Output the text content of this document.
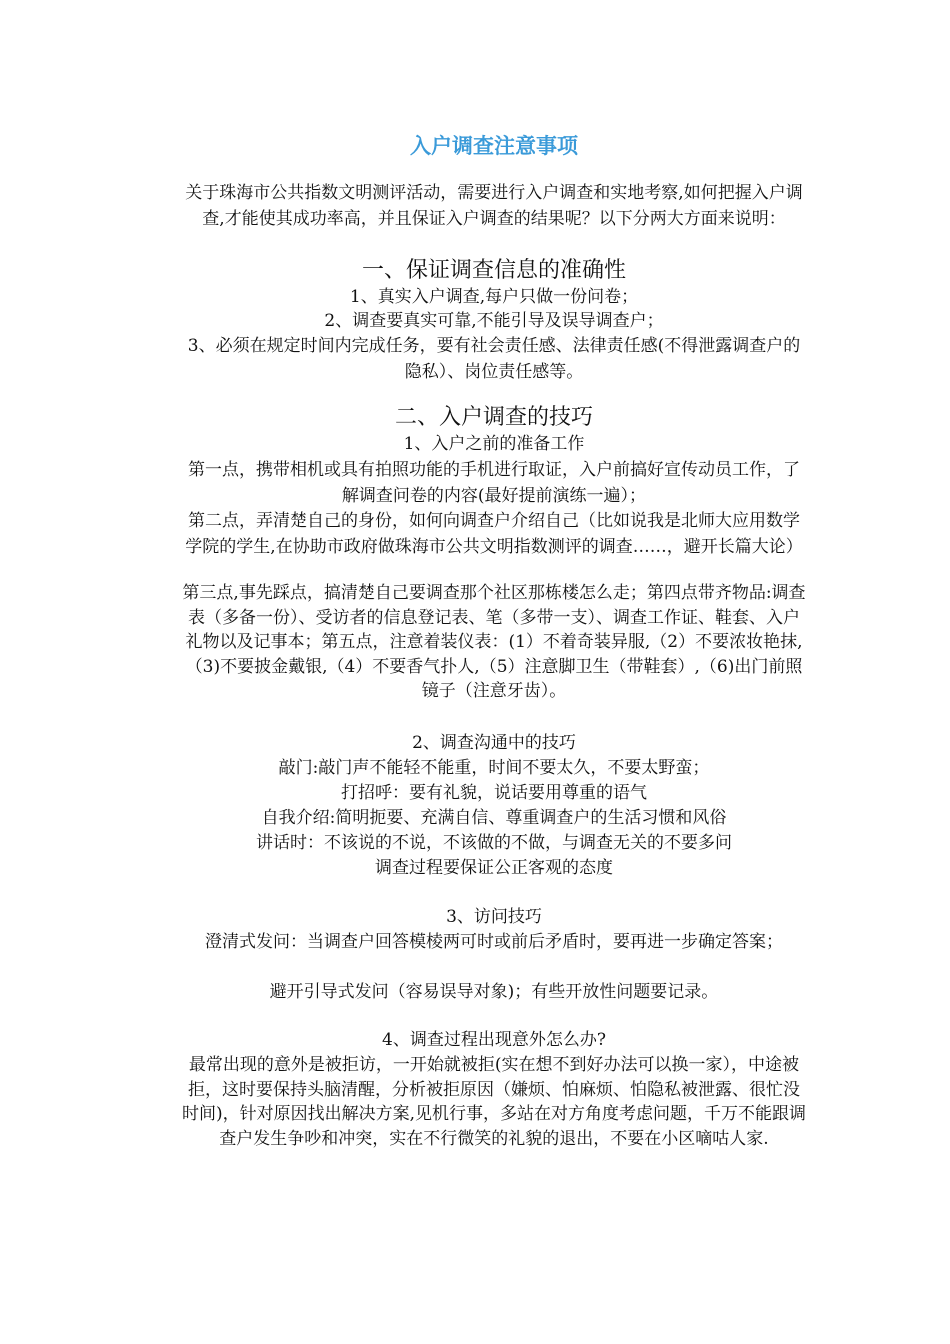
入户调查注意事项

关于珠海市公共指数文明测评活动，需要进行入户调查和实地考察,如何把握入户调查,才能使其成功率高，并且保证入户调查的结果呢？以下分两大方面来说明：

一、保证调查信息的准确性

1、真实入户调查,每户只做一份问卷；

2、调查要真实可靠,不能引导及误导调查户；

3、必须在规定时间内完成任务，要有社会责任感、法律责任感(不得泄露调查户的隐私）、岗位责任感等。

二、入户调查的技巧

1、入户之前的准备工作

第一点，携带相机或具有拍照功能的手机进行取证，入户前搞好宣传动员工作，了解调查问卷的内容(最好提前演练一遍）；

第二点，弄清楚自己的身份，如何向调查户介绍自己（比如说我是北师大应用数学学院的学生,在协助市政府做珠海市公共文明指数测评的调查……，避开长篇大论）

第三点,事先踩点，搞清楚自己要调查那个社区那栋楼怎么走；第四点带齐物品:调查表（多备一份）、受访者的信息登记表、笔（多带一支）、调查工作证、鞋套、入户礼物以及记事本；第五点，注意着装仪表：(1）不着奇装异服,（2）不要浓妆艳抹,（3)不要披金戴银,（4）不要香气扑人,（5）注意脚卫生（带鞋套）,（6)出门前照镜子（注意牙齿）。

2、调查沟通中的技巧

敲门:敲门声不能轻不能重，时间不要太久，不要太野蛮；

打招呼：要有礼貌，说话要用尊重的语气

自我介绍:简明扼要、充满自信、尊重调查户的生活习惯和风俗

讲话时：不该说的不说，不该做的不做，与调查无关的不要多问

调查过程要保证公正客观的态度

3、访问技巧

澄清式发问：当调查户回答模棱两可时或前后矛盾时，要再进一步确定答案；

避开引导式发问（容易误导对象)；有些开放性问题要记录。

4、调查过程出现意外怎么办?

最常出现的意外是被拒访，一开始就被拒(实在想不到好办法可以换一家），中途被拒，这时要保持头脑清醒，分析被拒原因（嫌烦、怕麻烦、怕隐私被泄露、很忙没时间)，针对原因找出解决方案,见机行事，多站在对方角度考虑问题，千万不能跟调查户发生争吵和冲突，实在不行微笑的礼貌的退出，不要在小区嘀咕人家.
